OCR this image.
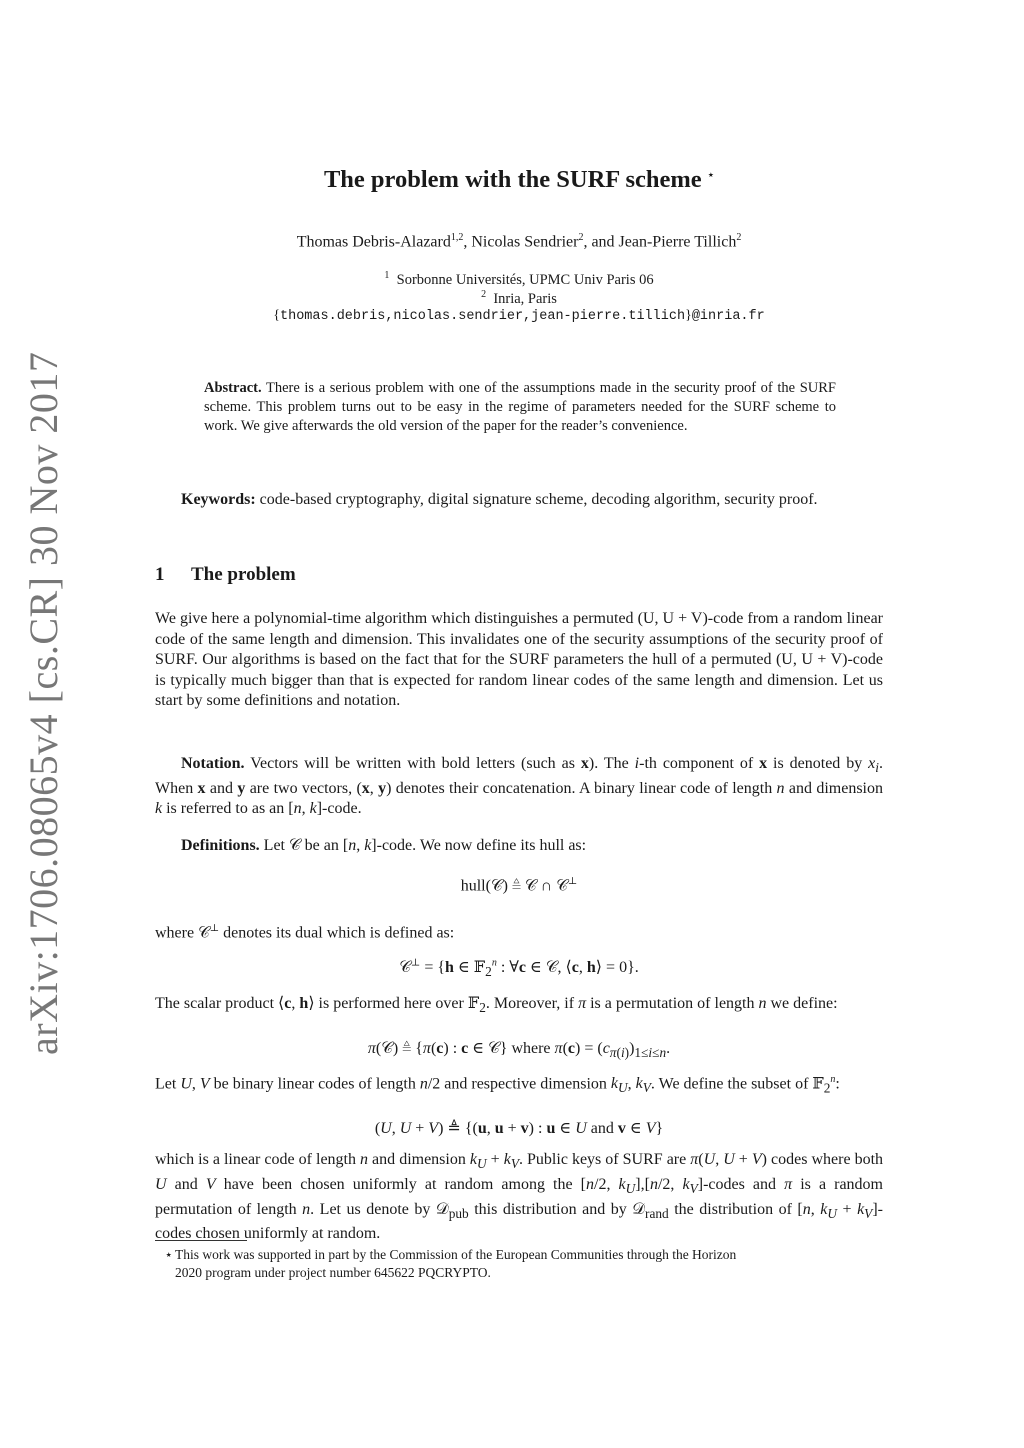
arXiv:1706.08065v4 [cs.CR] 30 Nov 2017
The problem with the SURF scheme ⋆
Thomas Debris-Alazard$^{1,2}$, Nicolas Sendrier$^2$, and Jean-Pierre Tillich$^2$
$^1$ Sorbonne Universités, UPMC Univ Paris 06
$^2$ Inria, Paris
{thomas.debris,nicolas.sendrier,jean-pierre.tillich}@inria.fr
Abstract. There is a serious problem with one of the assumptions made in the security proof of the SURF scheme. This problem turns out to be easy in the regime of parameters needed for the SURF scheme to work. We give afterwards the old version of the paper for the reader’s convenience.
Keywords: code-based cryptography, digital signature scheme, decoding algorithm, security proof.
1 The problem
We give here a polynomial-time algorithm which distinguishes a permuted (U, U + V)-code from a random linear code of the same length and dimension. This invalidates one of the security assumptions of the security proof of SURF. Our algorithms is based on the fact that for the SURF parameters the hull of a permuted (U, U + V)-code is typically much bigger than that is expected for random linear codes of the same length and dimension. Let us start by some definitions and notation.
Notation. Vectors will be written with bold letters (such as x). The i-th component of x is denoted by $x_i$. When x and y are two vectors, (x, y) denotes their concatenation. A binary linear code of length n and dimension k is referred to as an [n, k]-code.
Definitions. Let 𝒞 be an [n, k]-code. We now define its hull as:
hull(𝒞) ≜ 𝒞 ∩ 𝒞⊥
where 𝒞⊥ denotes its dual which is defined as:
𝒞⊥ = {h ∈ 𝔽$_2^n$ : ∀c ∈ 𝒞, ⟨c, h⟩ = 0}.
The scalar product ⟨c, h⟩ is performed here over 𝔽$_2$. Moreover, if π is a permutation of length n we define:
π(𝒞) ≜ {π(c) : c ∈ 𝒞} where $\pi(c) = (c_{\pi(i)})_{1\le i\le n}$.
Let U, V be binary linear codes of length n/2 and respective dimension $k_U$, $k_V$. We define the subset of 𝔽$_2^n$:
(U, U + V) ≜ {(u, u + v) : u ∈ U and v ∈ V}
which is a linear code of length n and dimension $k_U + k_V$. Public keys of SURF are π(U, U + V) codes where both U and V have been chosen uniformly at random among the [n/2, $k_U],[n/2$, $k_V$]-codes and π is a random permutation of length n. Let us denote by 𝒟$_{pub}$ this distribution and by 𝒟$_{rand}$ the distribution of [n, $k_U$ + $k_V$]-codes chosen uniformly at random.
⋆ This work was supported in part by the Commission of the European Communities through the Horizon
2020 program under project number 645622 PQCRYPTO.
